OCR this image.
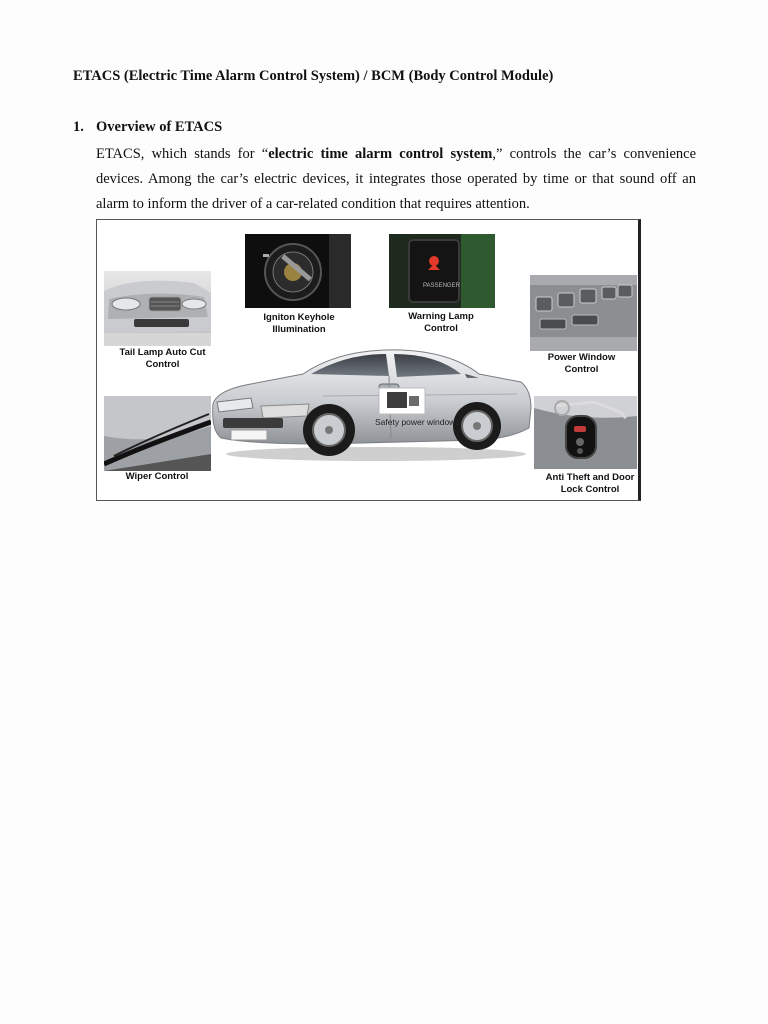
ETACS (Electric Time Alarm Control System) / BCM (Body Control Module)
1. Overview of ETACS

ETACS, which stands for “electric time alarm control system,” controls the car’s convenience devices. Among the car’s electric devices, it integrates those operated by time or that sound off an alarm to inform the driver of a car-related condition that requires attention.

Tail Lamp Auto Cut Control
Igniton Keyhole Illumination
PASSENGER
Warning Lamp Control
Power Window Control
Wiper Control
Safety power windows
Anti Theft and Door Lock Control
